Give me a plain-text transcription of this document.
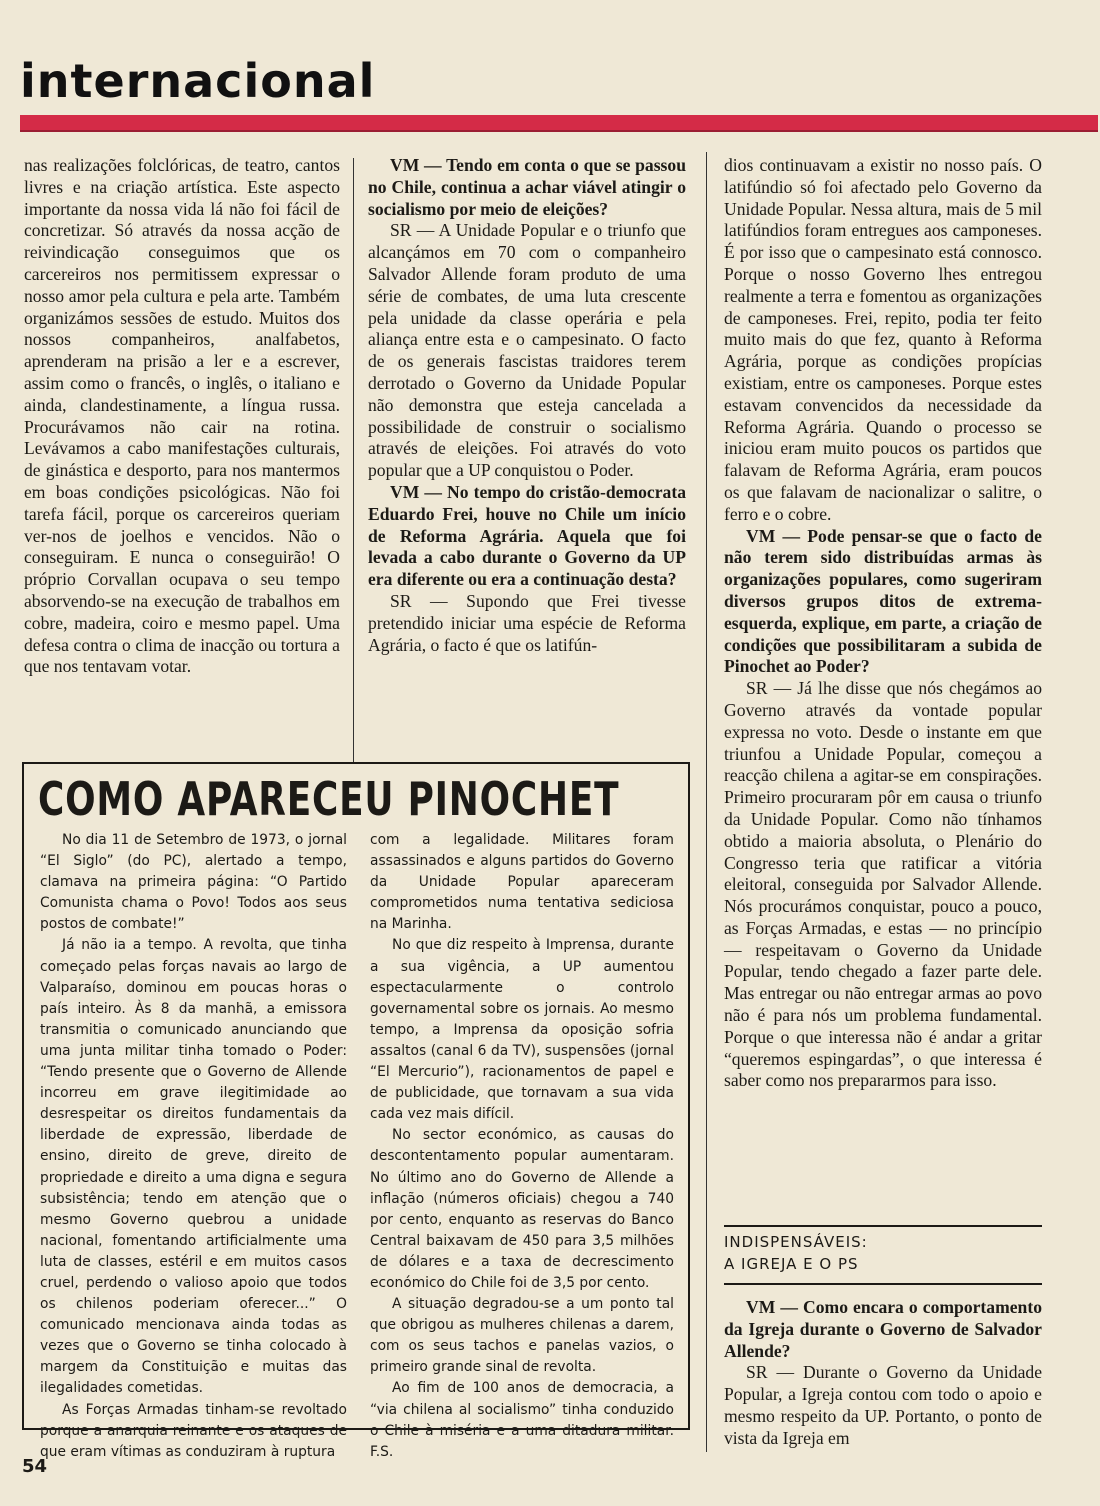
internacional

nas realizações folclóricas, de teatro, cantos livres e na criação artística. Este aspecto importante da nossa vida lá não foi fácil de concretizar. Só através da nossa acção de reivindicação conseguimos que os carcereiros nos permitissem expressar o nosso amor pela cultura e pela arte. Também organizámos sessões de estudo. Muitos dos nossos companheiros, analfabetos, aprenderam na prisão a ler e a escrever, assim como o francês, o inglês, o italiano e ainda, clandestinamente, a língua russa. Procurávamos não cair na rotina. Levávamos a cabo manifestações culturais, de ginástica e desporto, para nos mantermos em boas condições psicológicas. Não foi tarefa fácil, porque os carcereiros queriam ver-nos de joelhos e vencidos. Não o conseguiram. E nunca o conseguirão! O próprio Corvallan ocupava o seu tempo absorvendo-se na execução de trabalhos em cobre, madeira, coiro e mesmo papel. Uma defesa contra o clima de inacção ou tortura a que nos tentavam votar.

VM — Tendo em conta o que se passou no Chile, continua a achar viável atingir o socialismo por meio de eleições?

SR — A Unidade Popular e o triunfo que alcançámos em 70 com o companheiro Salvador Allende foram produto de uma série de combates, de uma luta crescente pela unidade da classe operária e pela aliança entre esta e o campesinato. O facto de os generais fascistas traidores terem derrotado o Governo da Unidade Popular não demonstra que esteja cancelada a possibilidade de construir o socialismo através de eleições. Foi através do voto popular que a UP conquistou o Poder.

VM — No tempo do cristão-democrata Eduardo Frei, houve no Chile um início de Reforma Agrária. Aquela que foi levada a cabo durante o Governo da UP era diferente ou era a continuação desta?

SR — Supondo que Frei tivesse pretendido iniciar uma espécie de Reforma Agrária, o facto é que os latifún-

dios continuavam a existir no nosso país. O latifúndio só foi afectado pelo Governo da Unidade Popular. Nessa altura, mais de 5 mil latifúndios foram entregues aos camponeses. É por isso que o campesinato está connosco. Porque o nosso Governo lhes entregou realmente a terra e fomentou as organizações de camponeses. Frei, repito, podia ter feito muito mais do que fez, quanto à Reforma Agrária, porque as condições propícias existiam, entre os camponeses. Porque estes estavam convencidos da necessidade da Reforma Agrária. Quando o processo se iniciou eram muito poucos os partidos que falavam de Reforma Agrária, eram poucos os que falavam de nacionalizar o salitre, o ferro e o cobre.

VM — Pode pensar-se que o facto de não terem sido distribuídas armas às organizações populares, como sugeriram diversos grupos ditos de extrema-esquerda, explique, em parte, a criação de condições que possibilitaram a subida de Pinochet ao Poder?

SR — Já lhe disse que nós chegámos ao Governo através da vontade popular expressa no voto. Desde o instante em que triunfou a Unidade Popular, começou a reacção chilena a agitar-se em conspirações. Primeiro procuraram pôr em causa o triunfo da Unidade Popular. Como não tínhamos obtido a maioria absoluta, o Plenário do Congresso teria que ratificar a vitória eleitoral, conseguida por Salvador Allende. Nós procurámos conquistar, pouco a pouco, as Forças Armadas, e estas — no princípio — respeitavam o Governo da Unidade Popular, tendo chegado a fazer parte dele. Mas entregar ou não entregar armas ao povo não é para nós um problema fundamental. Porque o que interessa não é andar a gritar “queremos espingardas”, o que interessa é saber como nos prepararmos para isso.

INDISPENSÁVEIS:
A IGREJA E O PS

VM — Como encara o comportamento da Igreja durante o Governo de Salvador Allende?

SR — Durante o Governo da Unidade Popular, a Igreja contou com todo o apoio e mesmo respeito da UP. Portanto, o ponto de vista da Igreja em

COMO APARECEU PINOCHET

No dia 11 de Setembro de 1973, o jornal “El Siglo” (do PC), alertado a tempo, clamava na primeira página: “O Partido Comunista chama o Povo! Todos aos seus postos de combate!”

Já não ia a tempo. A revolta, que tinha começado pelas forças navais ao largo de Valparaíso, dominou em poucas horas o país inteiro. Às 8 da manhã, a emissora transmitia o comunicado anunciando que uma junta militar tinha tomado o Poder: “Tendo presente que o Governo de Allende incorreu em grave ilegitimidade ao desrespeitar os direitos fundamentais da liberdade de expressão, liberdade de ensino, direito de greve, direito de propriedade e direito a uma digna e segura subsistência; tendo em atenção que o mesmo Governo quebrou a unidade nacional, fomentando artificialmente uma luta de classes, estéril e em muitos casos cruel, perdendo o valioso apoio que todos os chilenos poderiam oferecer...” O comunicado mencionava ainda todas as vezes que o Governo se tinha colocado à margem da Constituição e muitas das ilegalidades cometidas.

As Forças Armadas tinham-se revoltado porque a anarquia reinante e os ataques de que eram vítimas as conduziram à ruptura

com a legalidade. Militares foram assassinados e alguns partidos do Governo da Unidade Popular apareceram comprometidos numa tentativa sediciosa na Marinha.

No que diz respeito à Imprensa, durante a sua vigência, a UP aumentou espectacularmente o controlo governamental sobre os jornais. Ao mesmo tempo, a Imprensa da oposição sofria assaltos (canal 6 da TV), suspensões (jornal “El Mercurio”), racionamentos de papel e de publicidade, que tornavam a sua vida cada vez mais difícil.

No sector económico, as causas do descontentamento popular aumentaram. No último ano do Governo de Allende a inflação (números oficiais) chegou a 740 por cento, enquanto as reservas do Banco Central baixavam de 450 para 3,5 milhões de dólares e a taxa de decrescimento económico do Chile foi de 3,5 por cento.

A situação degradou-se a um ponto tal que obrigou as mulheres chilenas a darem, com os seus tachos e panelas vazios, o primeiro grande sinal de revolta.

Ao fim de 100 anos de democracia, a “via chilena al socialismo” tinha conduzido o Chile à miséria e a uma ditadura militar. F.S.

54
